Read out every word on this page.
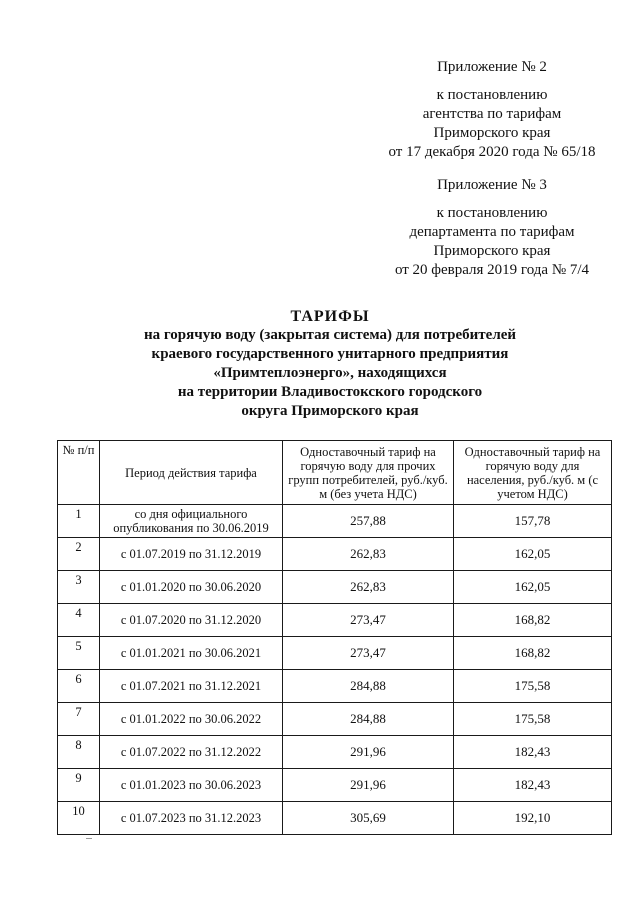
Приложение № 2
к постановлению
агентства по тарифам
Приморского края
от 17 декабря 2020 года № 65/18
Приложение № 3
к постановлению
департамента по тарифам
Приморского края
от 20 февраля 2019 года № 7/4
ТАРИФЫ
на горячую воду (закрытая система) для потребителей
краевого государственного унитарного предприятия
«Примтеплоэнерго», находящихся
на территории Владивостокского городского
округа Приморского края
№ п/п	Период действия тарифа	Одноставочный тариф на горячую воду для прочих групп потребителей, руб./куб. м (без учета НДС)	Одноставочный тариф на горячую воду для населения, руб./куб. м (с учетом НДС)
1	со дня официального опубликования по 30.06.2019	257,88	157,78
2	с 01.07.2019 по 31.12.2019	262,83	162,05
3	с 01.01.2020 по 30.06.2020	262,83	162,05
4	с 01.07.2020 по 31.12.2020	273,47	168,82
5	с 01.01.2021 по 30.06.2021	273,47	168,82
6	с 01.07.2021 по 31.12.2021	284,88	175,58
7	с 01.01.2022 по 30.06.2022	284,88	175,58
8	с 01.07.2022 по 31.12.2022	291,96	182,43
9	с 01.01.2023 по 30.06.2023	291,96	182,43
10	с 01.07.2023 по 31.12.2023	305,69	192,10
